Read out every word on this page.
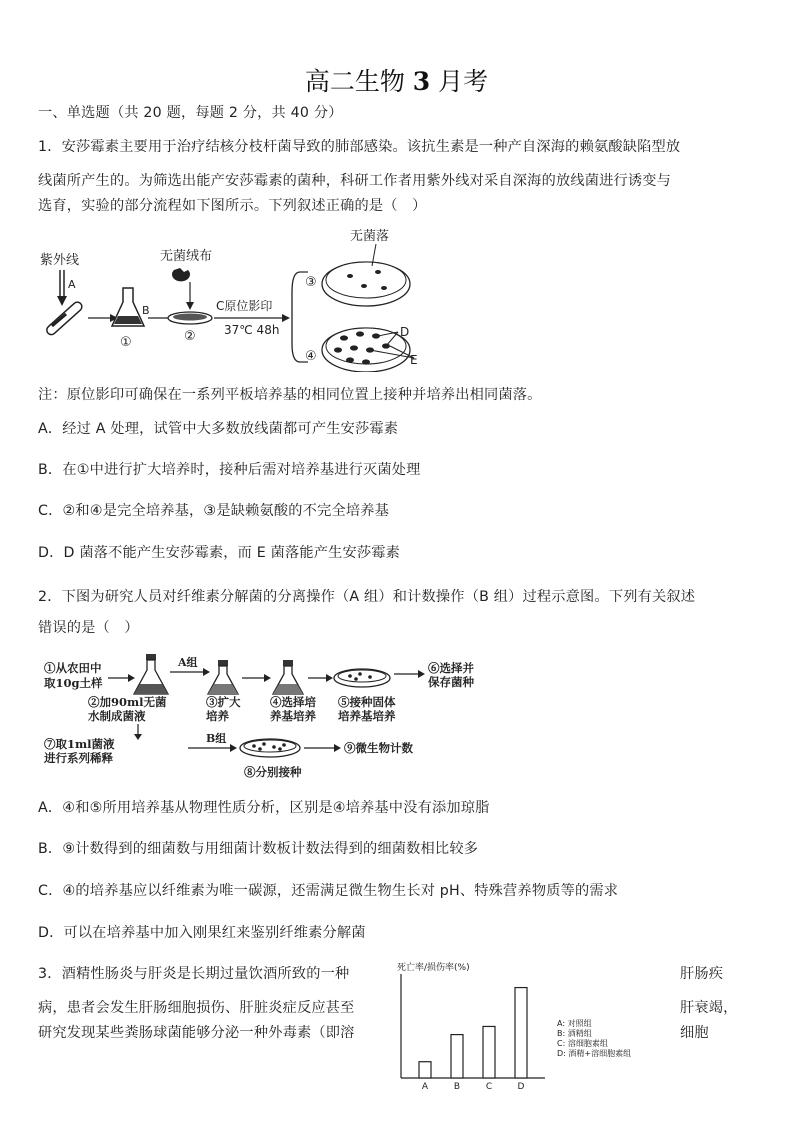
高二生物 3 月考
一、单选题（共 20 题，每题 2 分，共 40 分）
1．安莎霉素主要用于治疗结核分枝杆菌导致的肺部感染。该抗生素是一种产自深海的赖氨酸缺陷型放
线菌所产生的。为筛选出能产安莎霉素的菌种，科研工作者用紫外线对采自深海的放线菌进行诱变与
选育，实验的部分流程如下图所示。下列叙述正确的是（　）
紫外线
A
①
B
无菌绒布
②
C原位影印
37℃ 48h
③
④
无菌落
D
E
注：原位影印可确保在一系列平板培养基的相同位置上接种并培养出相同菌落。
A．经过 A 处理，试管中大多数放线菌都可产生安莎霉素
B．在①中进行扩大培养时，接种后需对培养基进行灭菌处理
C．②和④是完全培养基，③是缺赖氨酸的不完全培养基
D．D 菌落不能产生安莎霉素，而 E 菌落能产生安莎霉素
2．下图为研究人员对纤维素分解菌的分离操作（A 组）和计数操作（B 组）过程示意图。下列有关叙述
错误的是（　）
①从农田中
取10g土样
A组	⑥选择并
保存菌种
②加90ml无菌
水制成菌液
③扩大
培养
④选择培
养基培养
⑤接种固体
培养基培养
⑦取1ml菌液
进行系列稀释
B组
⑨微生物计数
⑧分别接种
A．④和⑤所用培养基从物理性质分析，区别是④培养基中没有添加琼脂
B．⑨计数得到的细菌数与用细菌计数板计数法得到的细菌数相比较多
C．④的培养基应以纤维素为唯一碳源，还需满足微生物生长对 pH、特殊营养物质等的需求
D．可以在培养基中加入刚果红来鉴别纤维素分解菌
3．酒精性肠炎与肝炎是长期过量饮酒所致的一种	肝肠疾
病，患者会发生肝肠细胞损伤、肝脏炎症反应甚至	肝衰竭，
研究发现某些粪肠球菌能够分泌一种外毒素（即溶	细胞
死亡率/损伤率(%)
A	B	C	D
A: 对照组
B: 酒精组
C: 溶细胞素组
D: 酒精+溶细胞素组
